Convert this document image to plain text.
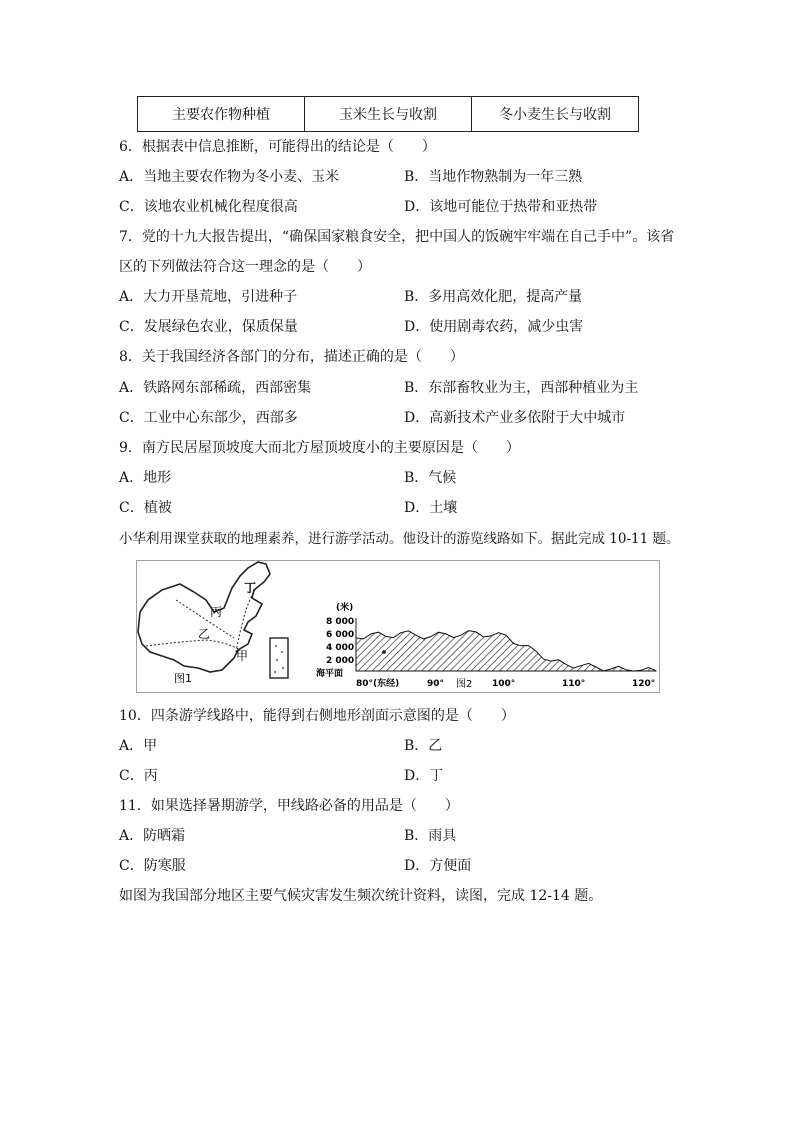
主要农作物种植	玉米生长与收割	冬小麦生长与收割
6．根据表中信息推断，可能得出的结论是（　　）
A．当地主要农作物为冬小麦、玉米	B．当地作物熟制为一年三熟
C．该地农业机械化程度很高	D．该地可能位于热带和亚热带
7．党的十九大报告提出，“确保国家粮食安全，把中国人的饭碗牢牢端在自己手中”。该省
区的下列做法符合这一理念的是（　　）
A．大力开垦荒地，引进种子	B．多用高效化肥，提高产量
C．发展绿色农业，保质保量	D．使用剧毒农药，减少虫害
8．关于我国经济各部门的分布，描述正确的是（　　）
A．铁路网东部稀疏，西部密集	B．东部畜牧业为主，西部种植业为主
C．工业中心东部少，西部多	D．高新技术产业多依附于大中城市
9．南方民居屋顶坡度大而北方屋顶坡度小的主要原因是（　　）
A．地形	B．气候
C．植被	D．土壤
小华利用课堂获取的地理素养，进行游学活动。他设计的游览线路如下。据此完成 10-11 题。
丁
丙
乙
甲
图1
(米)
8 000
6 000
4 000
2 000
海平面
80°(东经)	90°	100°	110°	120°
图2
10．四条游学线路中，能得到右侧地形剖面示意图的是（　　）
A．甲	B．乙
C．丙	D．丁
11．如果选择暑期游学，甲线路必备的用品是（　　）
A．防晒霜	B．雨具
C．防寒服	D．方便面
如图为我国部分地区主要气候灾害发生频次统计资料，读图，完成 12-14 题。
